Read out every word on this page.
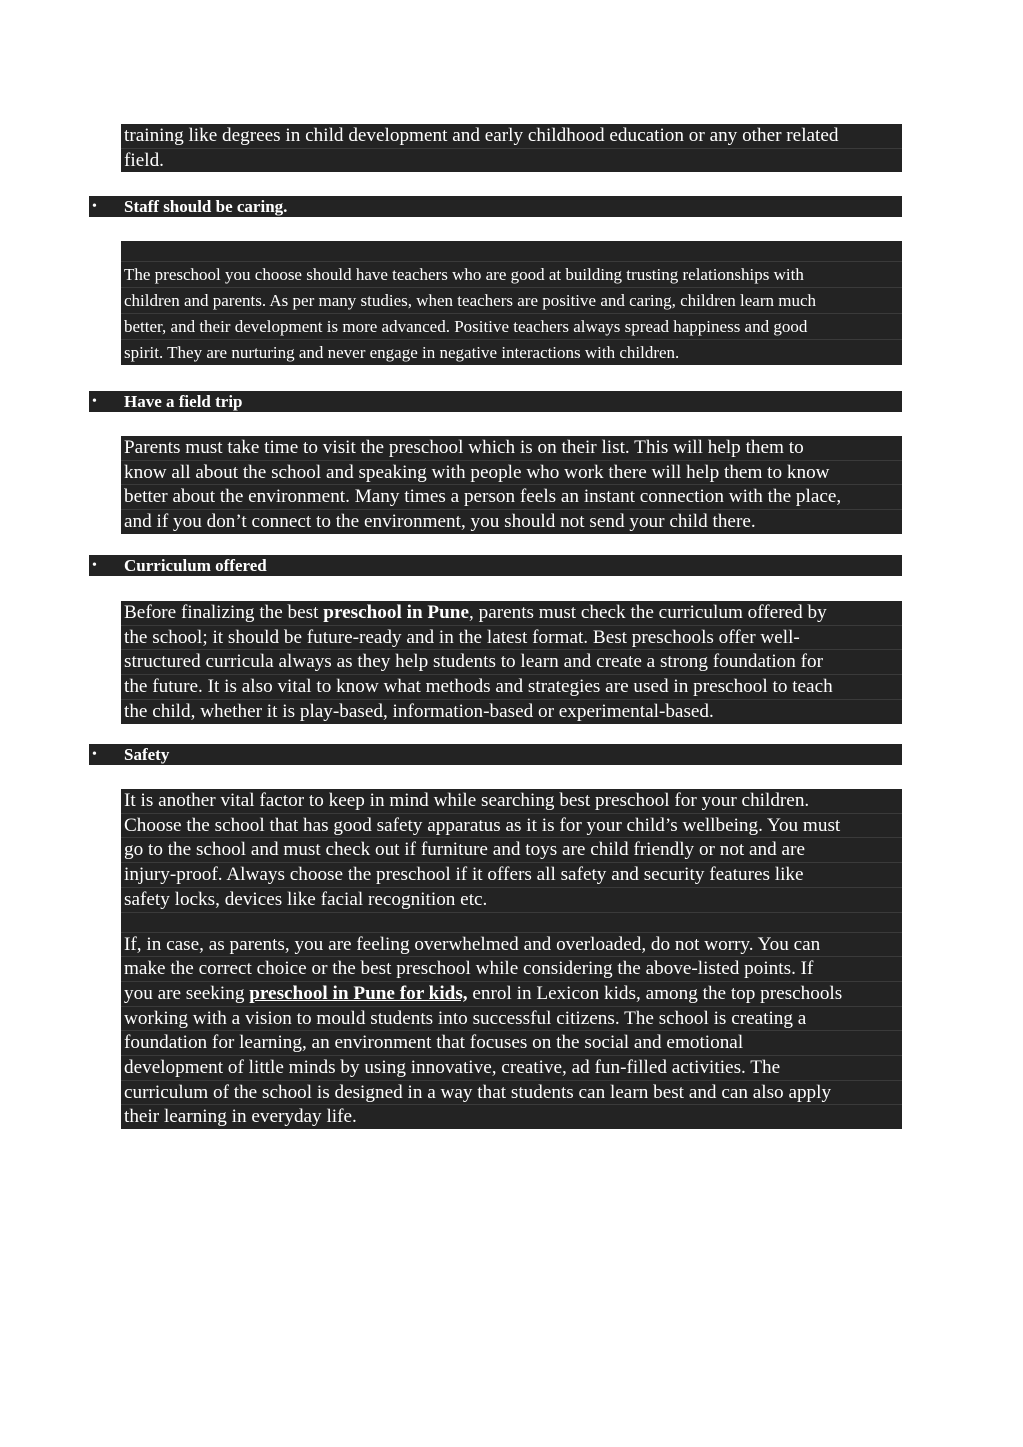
training like degrees in child development and early childhood education or any other related
field.
• Staff should be caring.
The preschool you choose should have teachers who are good at building trusting relationships with
children and parents. As per many studies, when teachers are positive and caring, children learn much
better, and their development is more advanced. Positive teachers always spread happiness and good
spirit. They are nurturing and never engage in negative interactions with children.
• Have a field trip
Parents must take time to visit the preschool which is on their list. This will help them to
know all about the school and speaking with people who work there will help them to know
better about the environment. Many times a person feels an instant connection with the place,
and if you don’t connect to the environment, you should not send your child there.
• Curriculum offered
Before finalizing the best preschool in Pune, parents must check the curriculum offered by
the school; it should be future-ready and in the latest format. Best preschools offer well-
structured curricula always as they help students to learn and create a strong foundation for
the future. It is also vital to know what methods and strategies are used in preschool to teach
the child, whether it is play-based, information-based or experimental-based.
• Safety
It is another vital factor to keep in mind while searching best preschool for your children.
Choose the school that has good safety apparatus as it is for your child’s wellbeing. You must
go to the school and must check out if furniture and toys are child friendly or not and are
injury-proof. Always choose the preschool if it offers all safety and security features like
safety locks, devices like facial recognition etc.
If, in case, as parents, you are feeling overwhelmed and overloaded, do not worry. You can
make the correct choice or the best preschool while considering the above-listed points. If
you are seeking preschool in Pune for kids, enrol in Lexicon kids, among the top preschools
working with a vision to mould students into successful citizens. The school is creating a
foundation for learning, an environment that focuses on the social and emotional
development of little minds by using innovative, creative, ad fun-filled activities. The
curriculum of the school is designed in a way that students can learn best and can also apply
their learning in everyday life.
